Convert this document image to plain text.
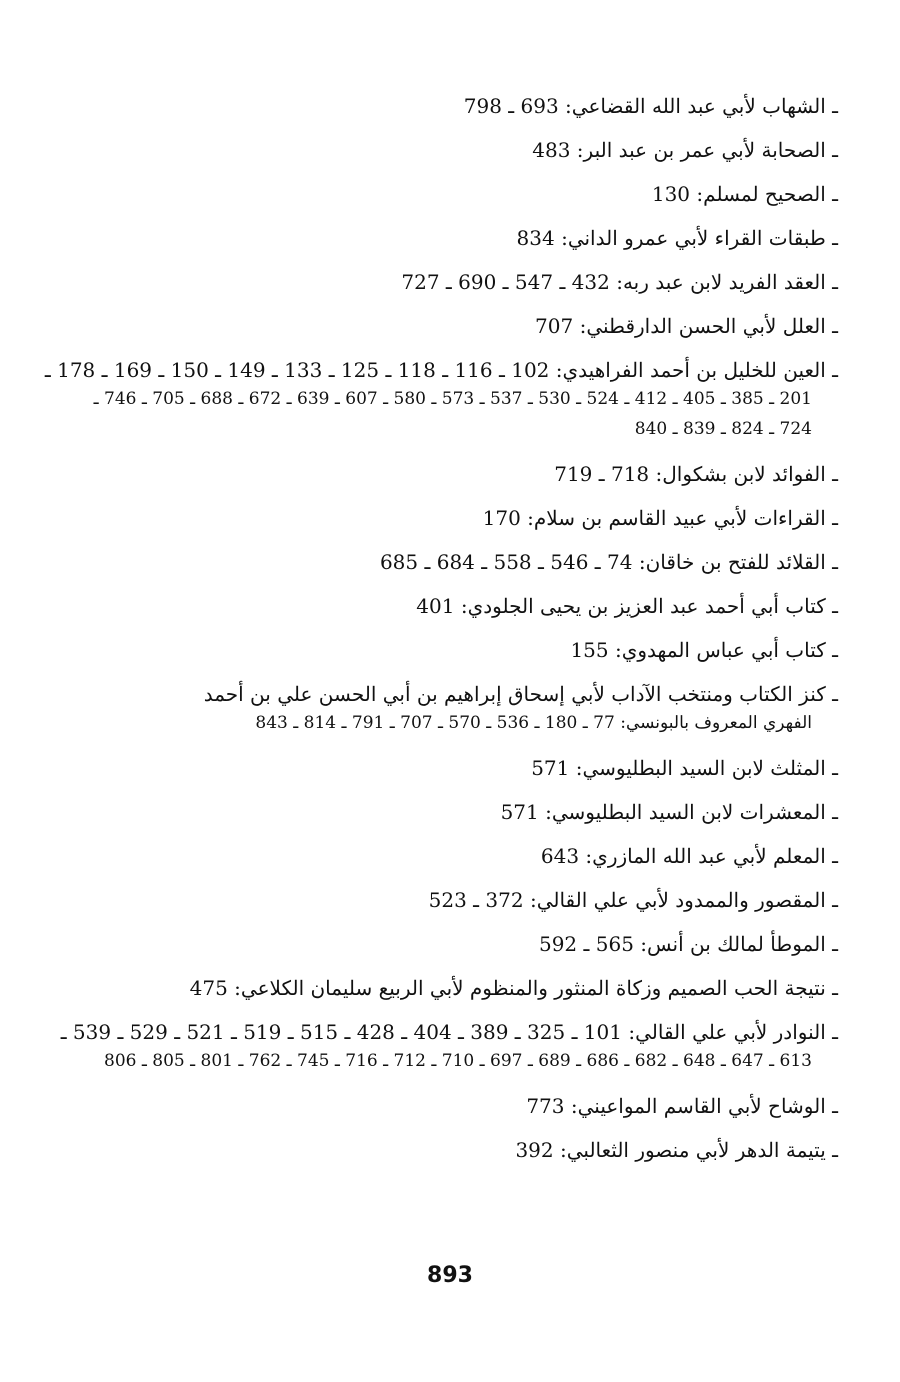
ـ الشهاب لأبي عبد الله القضاعي: 693 ـ 798
ـ الصحابة لأبي عمر بن عبد البر: 483
ـ الصحيح لمسلم: 130
ـ طبقات القراء لأبي عمرو الداني: 834
ـ العقد الفريد لابن عبد ربه: 432 ـ 547 ـ 690 ـ 727
ـ العلل لأبي الحسن الدارقطني: 707
ـ العين للخليل بن أحمد الفراهيدي: 102 ـ 116 ـ 118 ـ 125 ـ 133 ـ 149 ـ 150 ـ 169 ـ 178 ـ
201 ـ 385 ـ 405 ـ 412 ـ 524 ـ 530 ـ 537 ـ 573 ـ 580 ـ 607 ـ 639 ـ 672 ـ 688 ـ 705 ـ 746 ـ
724 ـ 824 ـ 839 ـ 840
ـ الفوائد لابن بشكوال: 718 ـ 719
ـ القراءات لأبي عبيد القاسم بن سلام: 170
ـ القلائد للفتح بن خاقان: 74 ـ 546 ـ 558 ـ 684 ـ 685
ـ كتاب أبي أحمد عبد العزيز بن يحيى الجلودي: 401
ـ كتاب أبي عباس المهدوي: 155
ـ كنز الكتاب ومنتخب الآداب لأبي إسحاق إبراهيم بن أبي الحسن علي بن أحمد
الفهري المعروف بالبونسي: 77 ـ 180 ـ 536 ـ 570 ـ 707 ـ 791 ـ 814 ـ 843
ـ المثلث لابن السيد البطليوسي: 571
ـ المعشرات لابن السيد البطليوسي: 571
ـ المعلم لأبي عبد الله المازري: 643
ـ المقصور والممدود لأبي علي القالي: 372 ـ 523
ـ الموطأ لمالك بن أنس: 565 ـ 592
ـ نتيجة الحب الصميم وزكاة المنثور والمنظوم لأبي الربيع سليمان الكلاعي: 475
ـ النوادر لأبي علي القالي: 101 ـ 325 ـ 389 ـ 404 ـ 428 ـ 515 ـ 519 ـ 521 ـ 529 ـ 539 ـ
613 ـ 647 ـ 648 ـ 682 ـ 686 ـ 689 ـ 697 ـ 710 ـ 712 ـ 716 ـ 745 ـ 762 ـ 801 ـ 805 ـ 806
ـ الوشاح لأبي القاسم المواعيني: 773
ـ يتيمة الدهر لأبي منصور الثعالبي: 392
893
